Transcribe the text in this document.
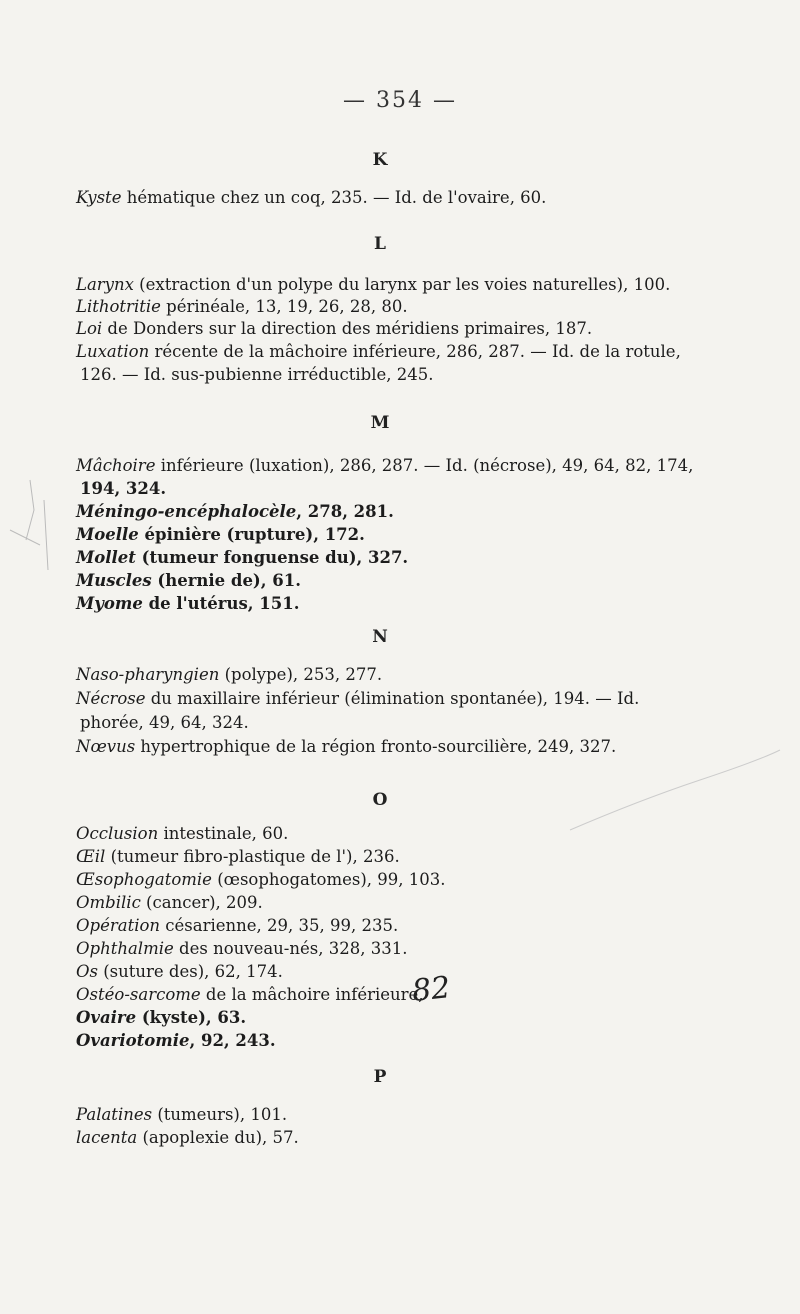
— 354 —
K
Kyste hématique chez un coq, 235. — Id. de l'ovaire, 60.
L
Larynx (extraction d'un polype du larynx par les voies naturelles), 100.
Lithotritie périnéale, 13, 19, 26, 28, 80.
Loi de Donders sur la direction des méridiens primaires, 187.
Luxation récente de la mâchoire inférieure, 286, 287. — Id. de la rotule,
126. — Id. sus-pubienne irréductible, 245.
M
Mâchoire inférieure (luxation), 286, 287. — Id. (nécrose), 49, 64, 82, 174,
194, 324.
Méningo-encéphalocèle, 278, 281.
Moelle épinière (rupture), 172.
Mollet (tumeur fonguense du), 327.
Muscles (hernie de), 61.
Myome de l'utérus, 151.
N
Naso-pharyngien (polype), 253, 277.
Nécrose du maxillaire inférieur (élimination spontanée), 194. — Id.
phorée, 49, 64, 324.
Nœvus hypertrophique de la région fronto-sourcilière, 249, 327.
O
Occlusion intestinale, 60.
Œil (tumeur fibro-plastique de l'), 236.
Œsophogatomie (œsophogatomes), 99, 103.
Ombilic (cancer), 209.
Opération césarienne, 29, 35, 99, 235.
Ophthalmie des nouveau-nés, 328, 331.
Os (suture des), 62, 174.
Ostéo-sarcome de la mâchoire inférieure,
Ovaire (kyste), 63.
Ovariotomie, 92, 243.
82
P
Palatines (tumeurs), 101.
lacenta (apoplexie du), 57.
